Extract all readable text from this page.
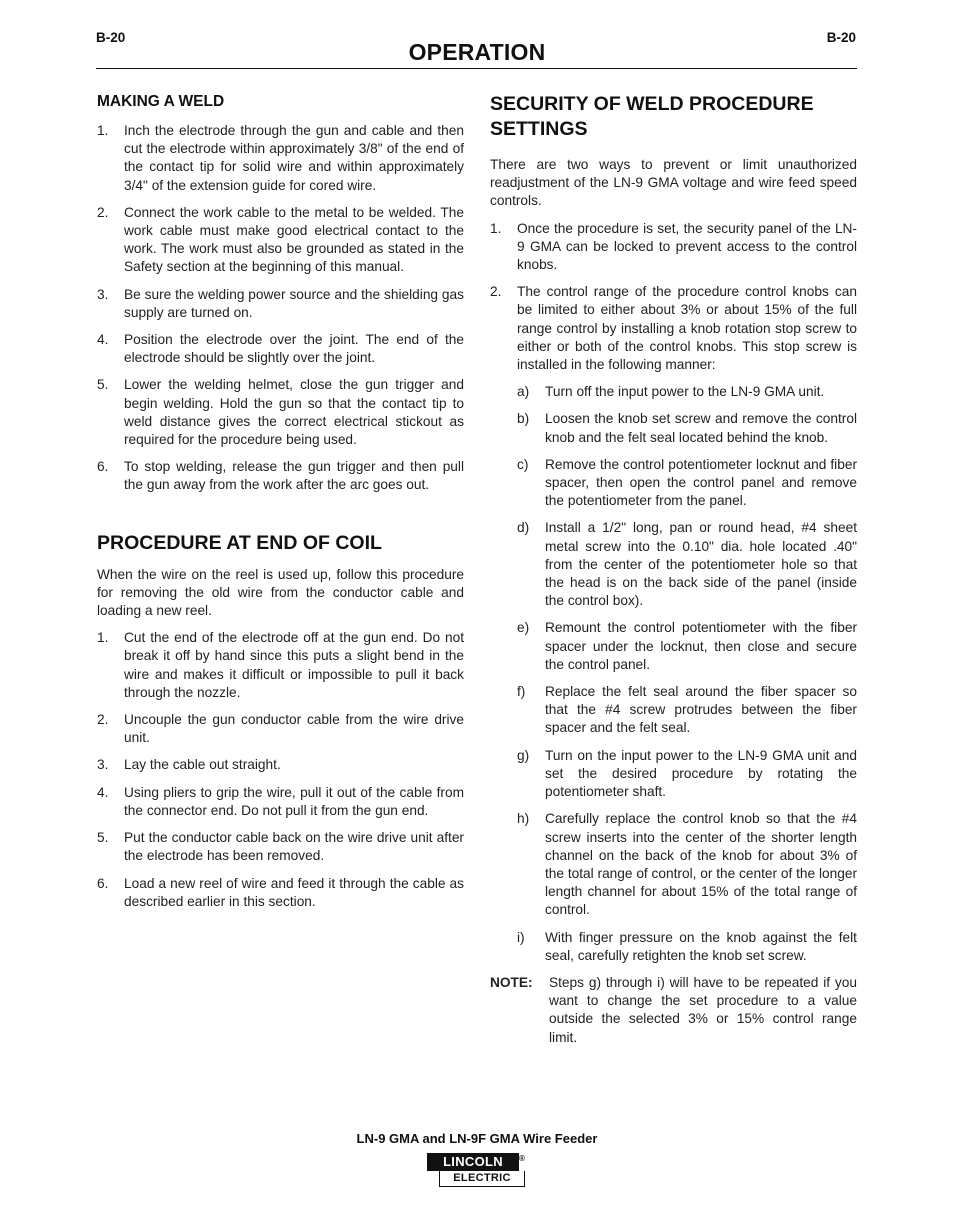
B-20	B-20
OPERATION
MAKING A WELD
1.	Inch the electrode through the gun and cable and then cut the electrode within approximately 3/8" of the end of the contact tip for solid wire and within approximately 3/4" of the extension guide for cored wire.
2.	Connect the work cable to the metal to be welded. The work cable must make good electrical contact to the work. The work must also be grounded as stated in the Safety section at the beginning of this manual.
3.	Be sure the welding power source and the shielding gas supply are turned on.
4.	Position the electrode over the joint. The end of the electrode should be slightly over the joint.
5.	Lower the welding helmet, close the gun trigger and begin welding. Hold the gun so that the contact tip to weld distance gives the correct electrical stickout as required for the procedure being used.
6.	To stop welding, release the gun trigger and then pull the gun away from the work after the arc goes out.
PROCEDURE AT END OF COIL

When the wire on the reel is used up, follow this procedure for removing the old wire from the conductor cable and loading a new reel.

1.	Cut the end of the electrode off at the gun end. Do not break it off by hand since this puts a slight bend in the wire and makes it difficult or impossible to pull it back through the nozzle.
2.	Uncouple the gun conductor cable from the wire drive unit.
3.	Lay the cable out straight.
4.	Using pliers to grip the wire, pull it out of the cable from the connector end. Do not pull it from the gun end.
5.	Put the conductor cable back on the wire drive unit after the electrode has been removed.
6.	Load a new reel of wire and feed it through the cable as described earlier in this section.
SECURITY OF WELD PROCEDURE
SETTINGS

There are two ways to prevent or limit unauthorized readjustment of the LN-9 GMA voltage and wire feed speed controls.

1.	Once the procedure is set, the security panel of the LN-9 GMA can be locked to prevent access to the control knobs.
2.	The control range of the procedure control knobs can be limited to either about 3% or about 15% of the full range control by installing a knob rotation stop screw to either or both of the control knobs. This stop screw is installed in the following manner:
a)	Turn off the input power to the LN-9 GMA unit.
b)	Loosen the knob set screw and remove the control knob and the felt seal located behind the knob.
c)	Remove the control potentiometer locknut and fiber spacer, then open the control panel and remove the potentiometer from the panel.
d)	Install a 1/2" long, pan or round head, #4 sheet metal screw into the 0.10" dia. hole located .40" from the center of the potentiometer hole so that the head is on the back side of the panel (inside the control box).
e)	Remount the control potentiometer with the fiber spacer under the locknut, then close and secure the control panel.
f)	Replace the felt seal around the fiber spacer so that the #4 screw protrudes between the fiber spacer and the felt seal.
g)	Turn on the input power to the LN-9 GMA unit and set the desired procedure by rotating the potentiometer shaft.
h)	Carefully replace the control knob so that the #4 screw inserts into the center of the shorter length channel on the back of the knob for about 3% of the total range of control, or the center of the longer length channel for about 15% of the total range of control.
i)	With finger pressure on the knob against the felt seal, carefully retighten the knob set screw.
NOTE:	Steps g) through i) will have to be repeated if you want to change the set procedure to a value outside the selected 3% or 15% control range limit.
LN-9 GMA and LN-9F GMA Wire Feeder
LINCOLN	®
ELECTRIC
